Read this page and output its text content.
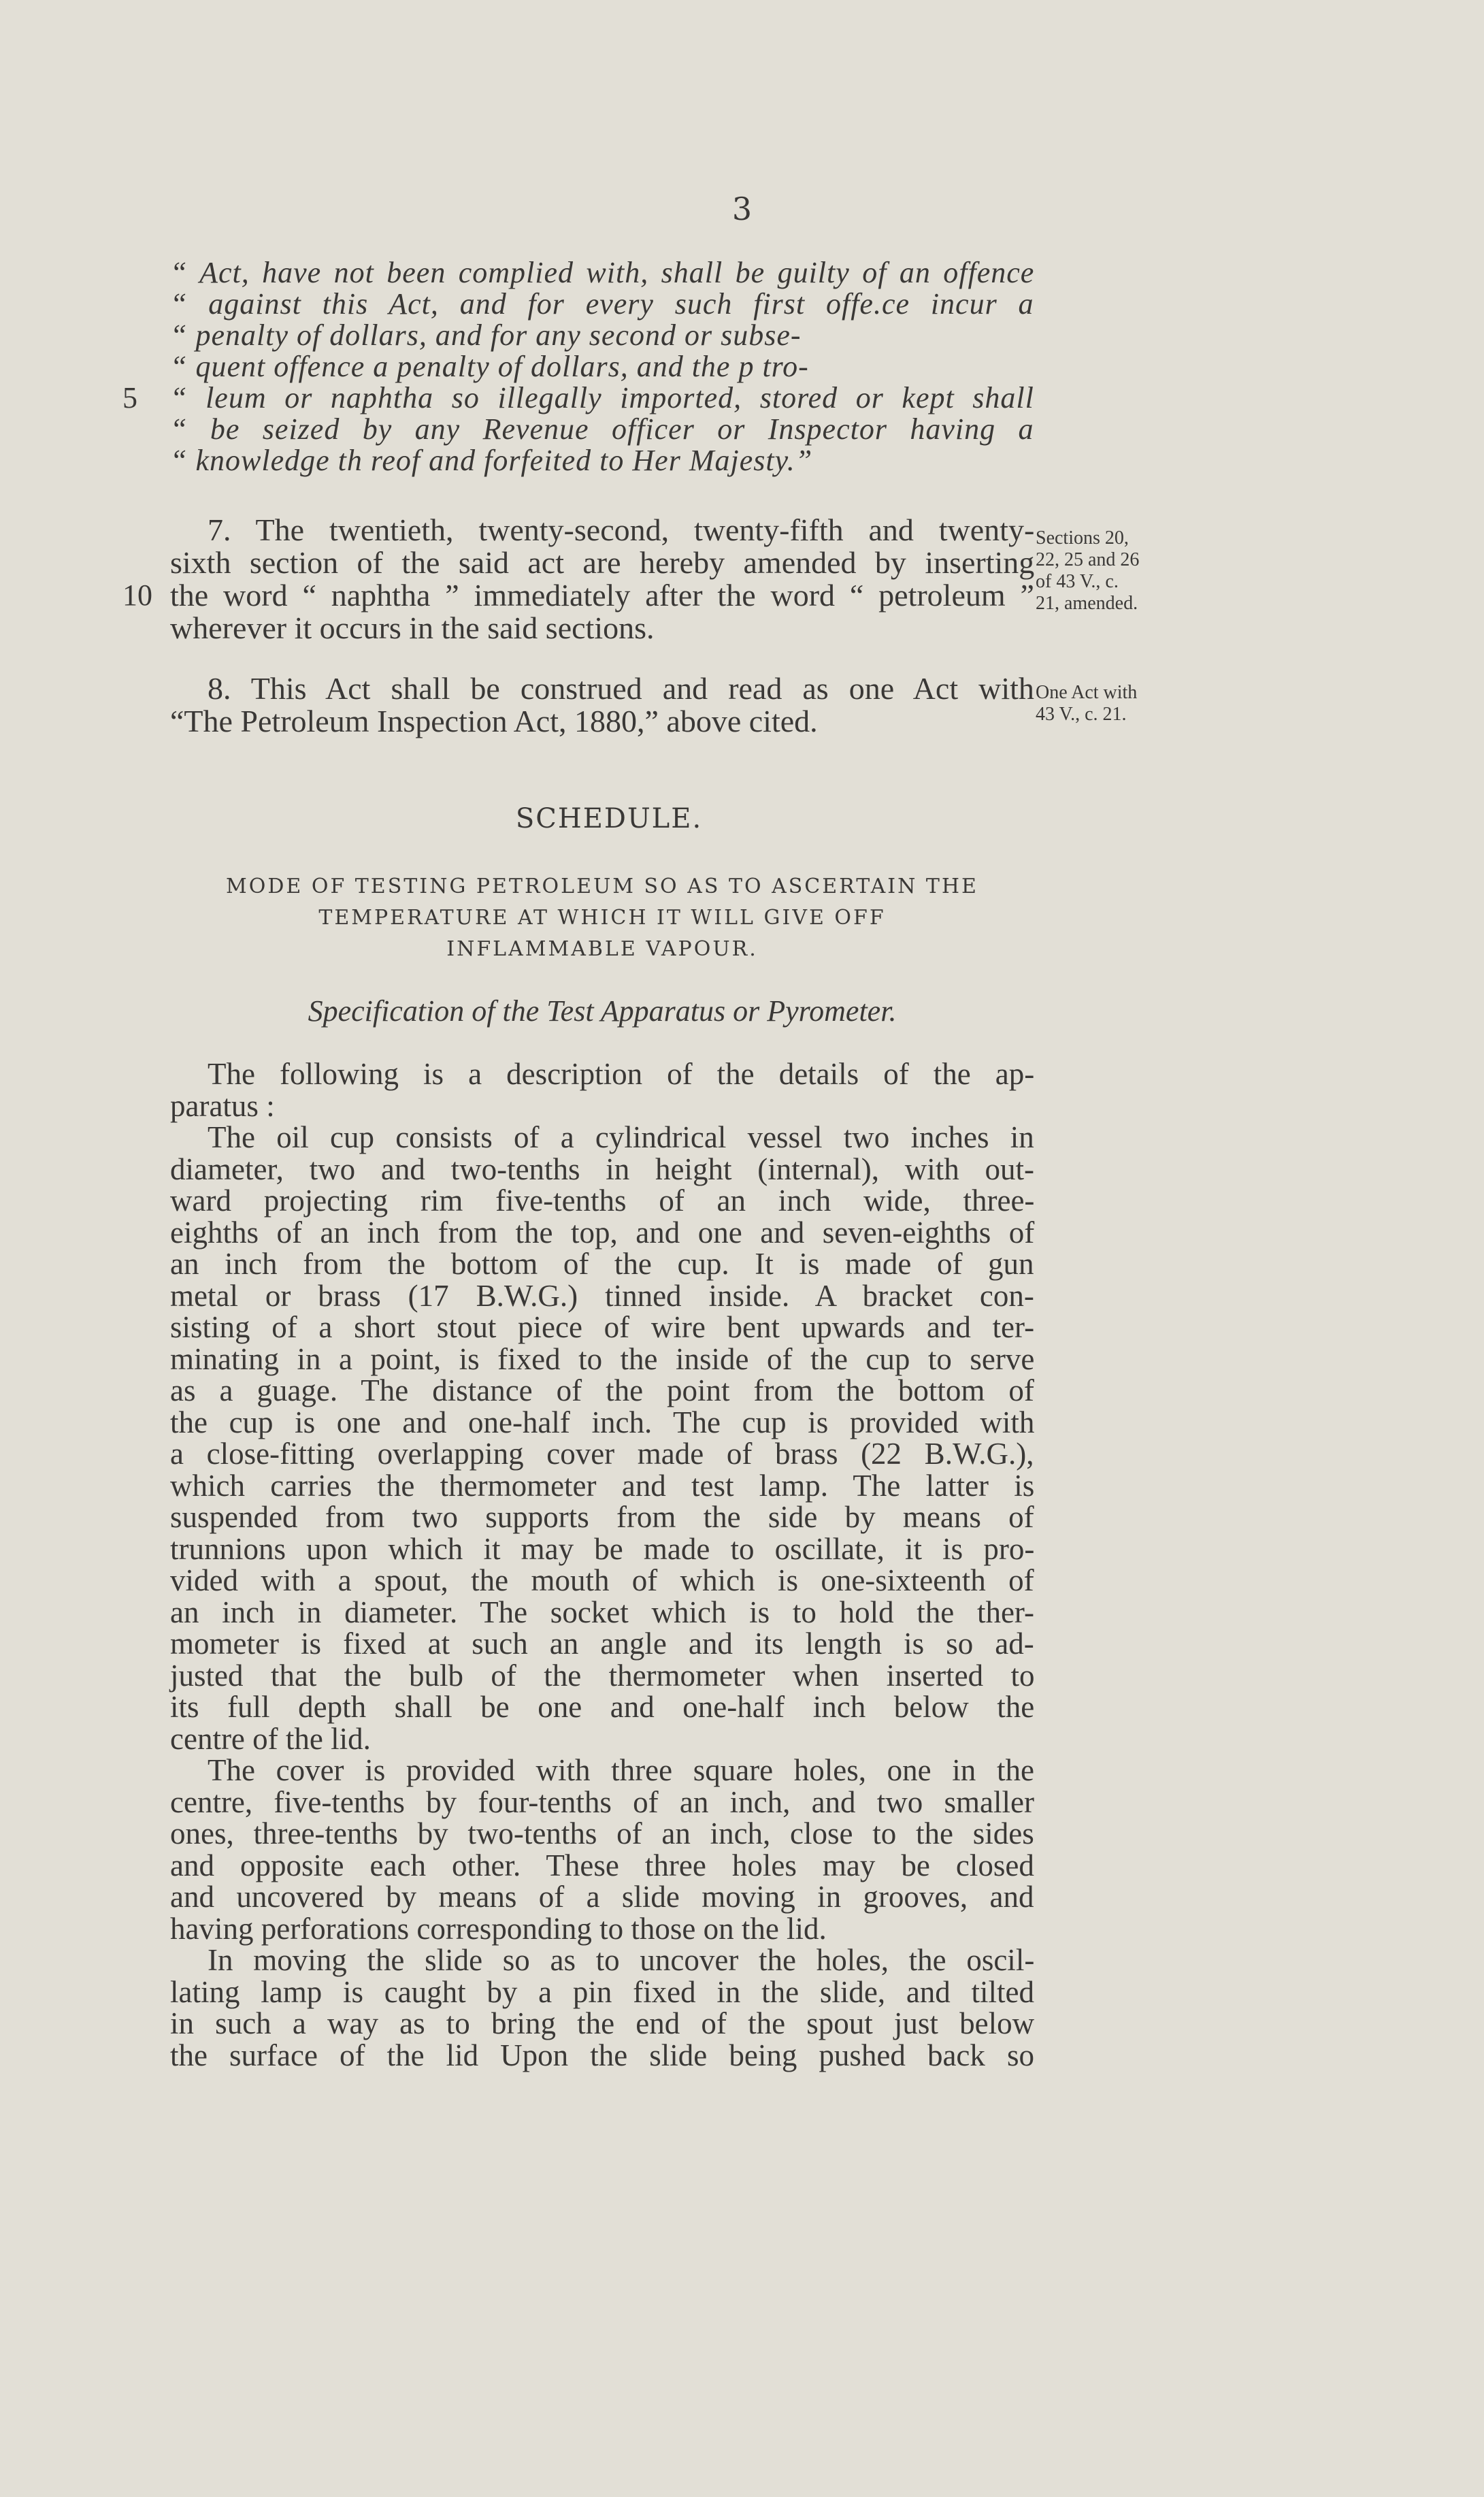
3
“ Act, have not been complied with, shall be guilty of an offence
“ against this Act, and for every such first offe.ce incur a
“ penalty of dollars, and for any second or subse-
“ quent offence a penalty of dollars, and the p tro-
5 “ leum or naphtha so illegally imported, stored or kept shall
“ be seized by any Revenue officer or Inspector having a
“ knowledge th reof and forfeited to Her Majesty.”
7. The twentieth, twenty-second, twenty-fifth and twenty-
sixth section of the said act are hereby amended by inserting
10 the word “ naphtha ” immediately after the word “ petroleum ”
wherever it occurs in the said sections.
Sections 20,
22, 25 and 26
of 43 V., c.
21, amended.
8. This Act shall be construed and read as one Act with
“The Petroleum Inspection Act, 1880,” above cited.
One Act with
43 V., c. 21.
SCHEDULE.
MODE OF TESTING PETROLEUM SO AS TO ASCERTAIN THE
TEMPERATURE AT WHICH IT WILL GIVE OFF
INFLAMMABLE VAPOUR.
Specification of the Test Apparatus or Pyrometer.
The following is a description of the details of the ap-
paratus :
The oil cup consists of a cylindrical vessel two inches in
diameter, two and two-tenths in height (internal), with out-
ward projecting rim five-tenths of an inch wide, three-
eighths of an inch from the top, and one and seven-eighths of
an inch from the bottom of the cup. It is made of gun
metal or brass (17 B.W.G.) tinned inside. A bracket con-
sisting of a short stout piece of wire bent upwards and ter-
minating in a point, is fixed to the inside of the cup to serve
as a guage. The distance of the point from the bottom of
the cup is one and one-half inch. The cup is provided with
a close-fitting overlapping cover made of brass (22 B.W.G.),
which carries the thermometer and test lamp. The latter is
suspended from two supports from the side by means of
trunnions upon which it may be made to oscillate, it is pro-
vided with a spout, the mouth of which is one-sixteenth of
an inch in diameter. The socket which is to hold the ther-
mometer is fixed at such an angle and its length is so ad-
justed that the bulb of the thermometer when inserted to
its full depth shall be one and one-half inch below the
centre of the lid.
The cover is provided with three square holes, one in the
centre, five-tenths by four-tenths of an inch, and two smaller
ones, three-tenths by two-tenths of an inch, close to the sides
and opposite each other. These three holes may be closed
and uncovered by means of a slide moving in grooves, and
having perforations corresponding to those on the lid.
In moving the slide so as to uncover the holes, the oscil-
lating lamp is caught by a pin fixed in the slide, and tilted
in such a way as to bring the end of the spout just below
the surface of the lid Upon the slide being pushed back so
